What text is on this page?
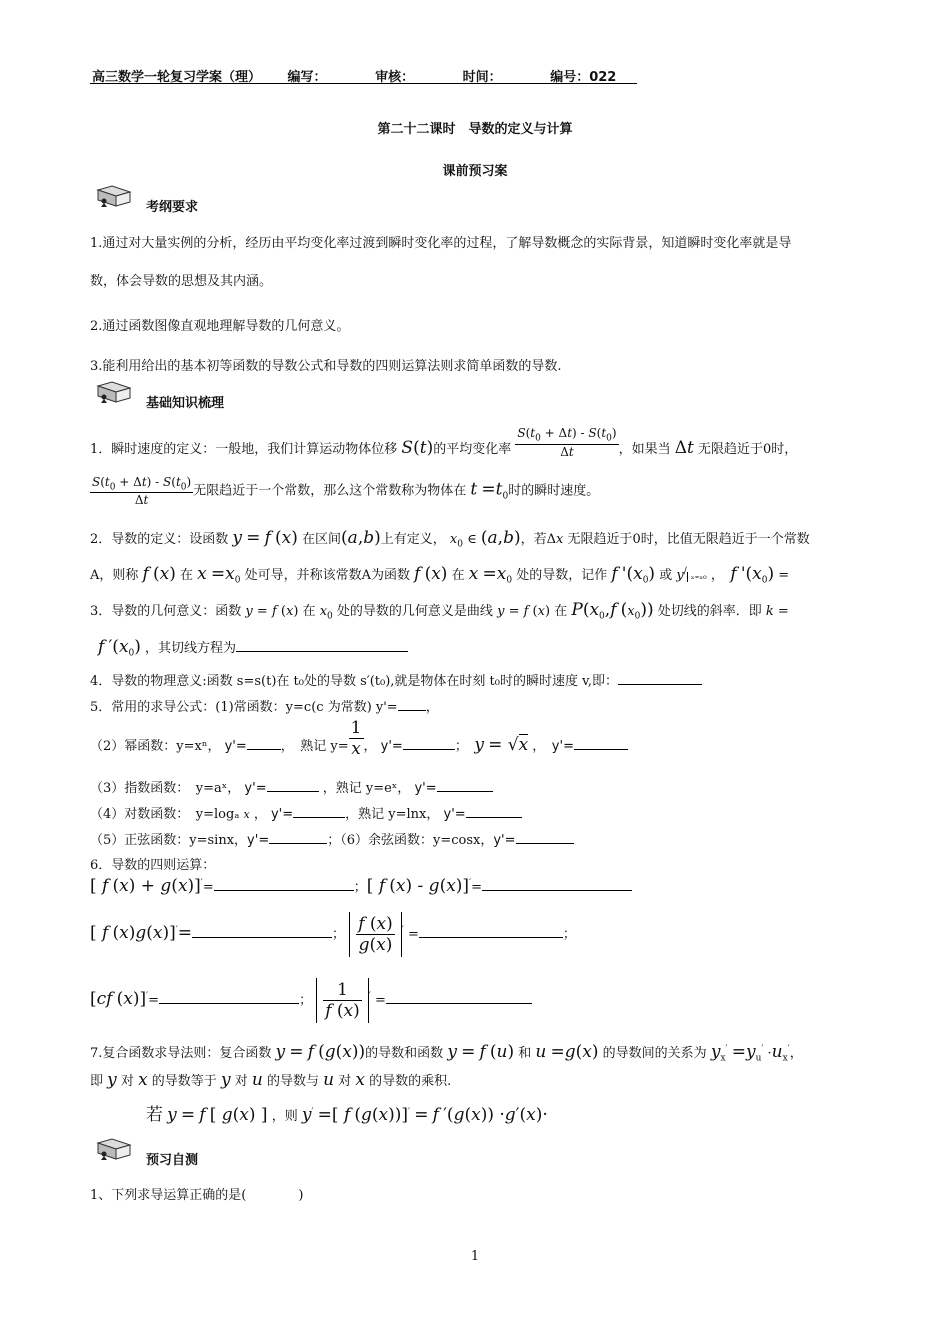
高三数学一轮复习学案（理） 编写：	审核：	时间：	编号：022
第二十二课时　导数的定义与计算
课前预习案
考纲要求
1.通过对大量实例的分析，经历由平均变化率过渡到瞬时变化率的过程，了解导数概念的实际背景，知道瞬时变化率就是导
数，体会导数的思想及其内涵。
2.通过函数图像直观地理解导数的几何意义。
3.能利用给出的基本初等函数的导数公式和导数的四则运算法则求简单函数的导数.
基础知识梳理
1．瞬时速度的定义：一般地，我们计算运动物体位移 S(t)的平均变化率 $\frac{S(t_0 + \Delta t) - S(t_0)}{\Delta t}$ ，如果当 Δt 无限趋近于0时，
$\frac{S(t_0 + \Delta t) - S(t_0)}{\Delta t}$ 无限趋近于一个常数，那么这个常数称为物体在 $t =t_0$时的瞬时速度。
2．导数的定义：设函数 y = f (x) 在区间(a,b)上有定义， $x_0$ ∈ (a,b)，若Δx 无限趋近于0时，比值无限趋近于一个常数
A，则称 f (x) 在 $x =x_0$ 处可导，并称该常数A为函数 f (x) 在 $x =x_0$ 处的导数，记作 f '$(x_0)$ 或 y/ₓ₌ₓ₀ ，　f '$(x_0)$ =
3．导数的几何意义：函数 y = f (x) 在 $x_0$ 处的导数的几何意义是曲线 y = f (x) 在 $P(x_0,f$ $(x_0)$) 处切线的斜率．即 k =
f $'(x_0)$ ，其切线方程为
4．导数的物理意义:函数 s=s(t)在 t₀处的导数 s′(t₀),就是物体在时刻 t₀时的瞬时速度 v,即：
5．常用的求导公式：(1)常函数：y=c(c 为常数) y'= ，
（2）幂函数：y=xⁿ， y'=	，　熟记 $y= \frac{1}{x}$ ， y'=	；　y = √x ，　y'=
（3）指数函数：　y=aˣ， y'=	，熟记 y=eˣ， y'=
（4）对数函数：　y=logₐ x ， y'=	，熟记 y=lnx， y'=
（5）正弦函数：y=sinx，y'=	；（6）余弦函数：y=cosx，y'=
6．导数的四则运算：
[ f (x) + g(x)]′=	；[ f (x) - g(x)]′=
[ f (x)g(x)]′=	； $\frac{f (x)}{g(x)} '$ =	；
[cf (x)]′=	； $\frac{1}{f (x)} '$ =
7.复合函数求导法则：复合函数 y = f (g(x))的导数和函数 y = f (u) 和 u =g(x) 的导数间的关系为 $y_x' =y_u' \cdot u_x'$，
即 y 对 x 的导数等于 y 对 u 的导数与 u 对 x 的导数的乘积.
若 y = f [ g(x) ] ，则 y′ =[ f (g(x))]′ = f ′(g(x)) ·g′(x)·
预习自测
1、下列求导运算正确的是(　　　　)
1
